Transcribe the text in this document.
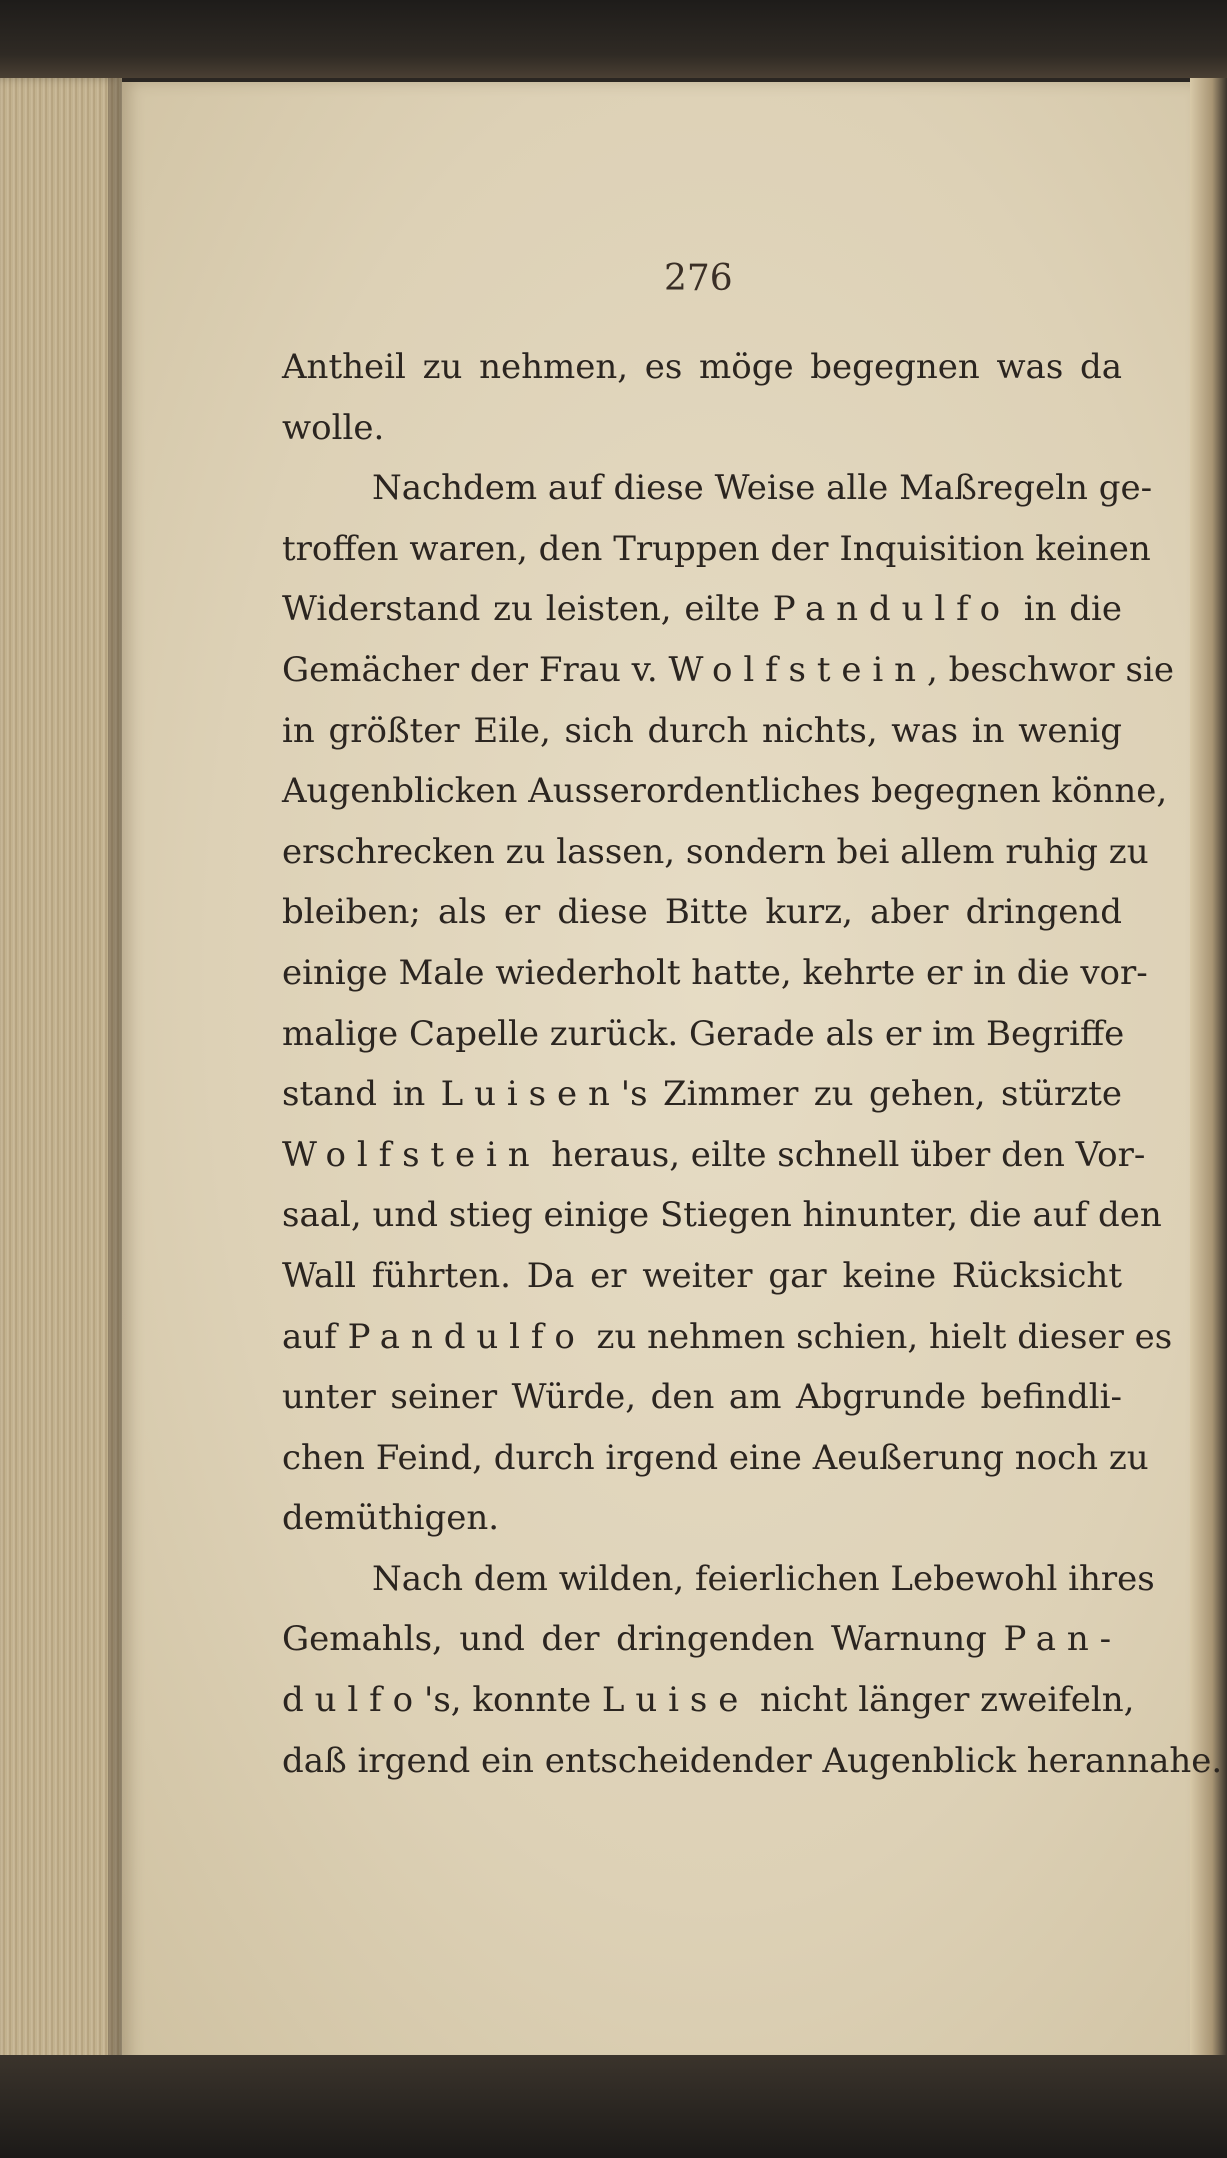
276
Antheil zu nehmen, es möge begegnen was da
wolle.
Nachdem auf diese Weise alle Maßregeln ge-
troffen waren, den Truppen der Inquisition keinen
Widerstand zu leisten, eilte Pandulfo in die
Gemächer der Frau v. Wolfstein, beschwor sie
in größter Eile, sich durch nichts, was in wenig
Augenblicken Ausserordentliches begegnen könne,
erschrecken zu lassen, sondern bei allem ruhig zu
bleiben; als er diese Bitte kurz, aber dringend
einige Male wiederholt hatte, kehrte er in die vor-
malige Capelle zurück. Gerade als er im Begriffe
stand in Luisen's Zimmer zu gehen, stürzte
Wolfstein heraus, eilte schnell über den Vor-
saal, und stieg einige Stiegen hinunter, die auf den
Wall führten. Da er weiter gar keine Rücksicht
auf Pandulfo zu nehmen schien, hielt dieser es
unter seiner Würde, den am Abgrunde befindli-
chen Feind, durch irgend eine Aeußerung noch zu
demüthigen.
Nach dem wilden, feierlichen Lebewohl ihres
Gemahls, und der dringenden Warnung Pan-
dulfo's, konnte Luise nicht länger zweifeln,
daß irgend ein entscheidender Augenblick herannahe.
